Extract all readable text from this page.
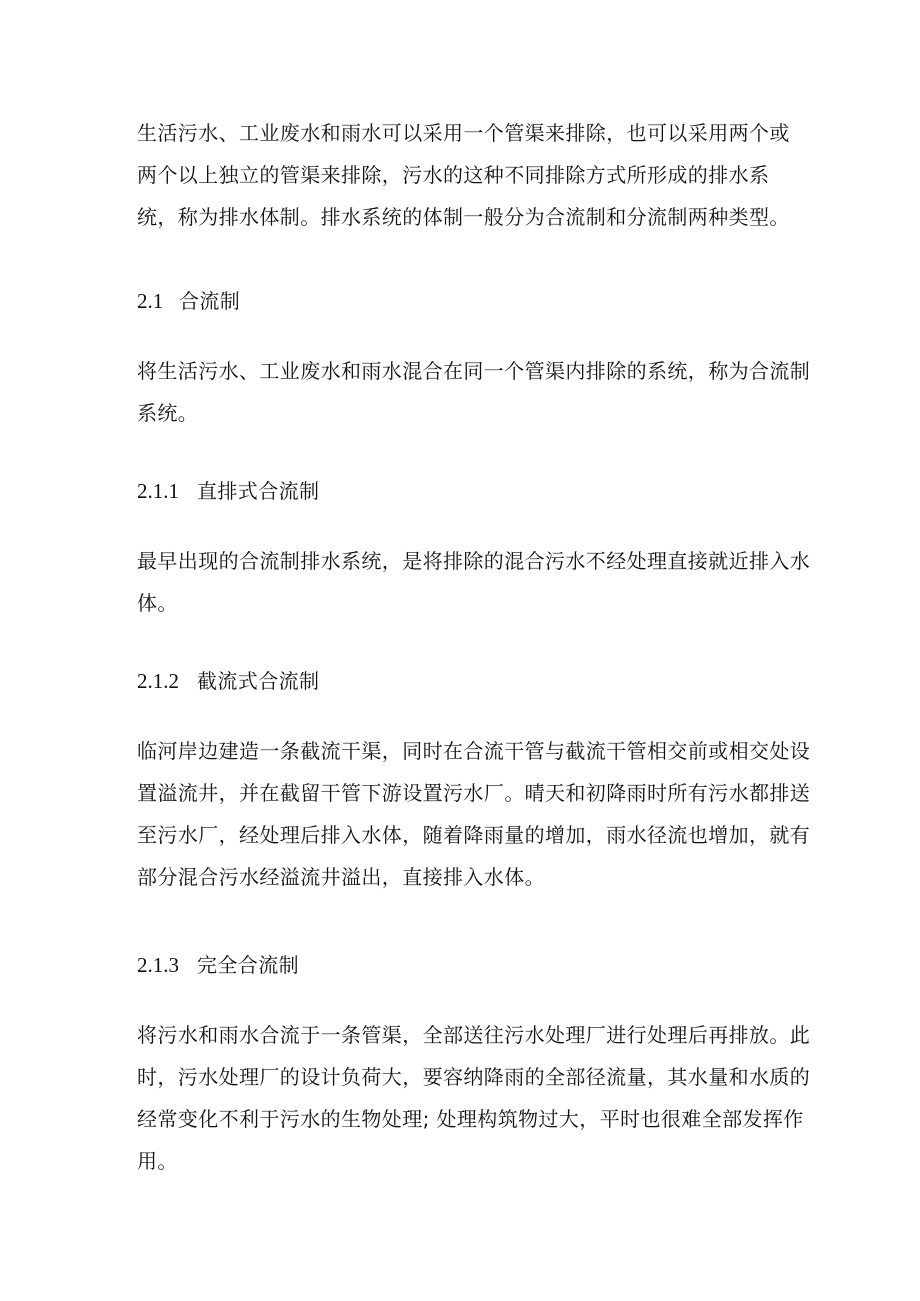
生活污水、工业废水和雨水可以采用一个管渠来排除，也可以采用两个或
两个以上独立的管渠来排除，污水的这种不同排除方式所形成的排水系
统，称为排水体制。排水系统的体制一般分为合流制和分流制两种类型。

2.1 合流制

将生活污水、工业废水和雨水混合在同一个管渠内排除的系统，称为合流制
系统。

2.1.1 直排式合流制

最早出现的合流制排水系统，是将排除的混合污水不经处理直接就近排入水
体。

2.1.2 截流式合流制

临河岸边建造一条截流干渠，同时在合流干管与截流干管相交前或相交处设
置溢流井，并在截留干管下游设置污水厂。晴天和初降雨时所有污水都排送
至污水厂，经处理后排入水体，随着降雨量的增加，雨水径流也增加，就有
部分混合污水经溢流井溢出，直接排入水体。

2.1.3 完全合流制

将污水和雨水合流于一条管渠，全部送往污水处理厂进行处理后再排放。此
时，污水处理厂的设计负荷大，要容纳降雨的全部径流量，其水量和水质的
经常变化不利于污水的生物处理; 处理构筑物过大，平时也很难全部发挥作
用。
